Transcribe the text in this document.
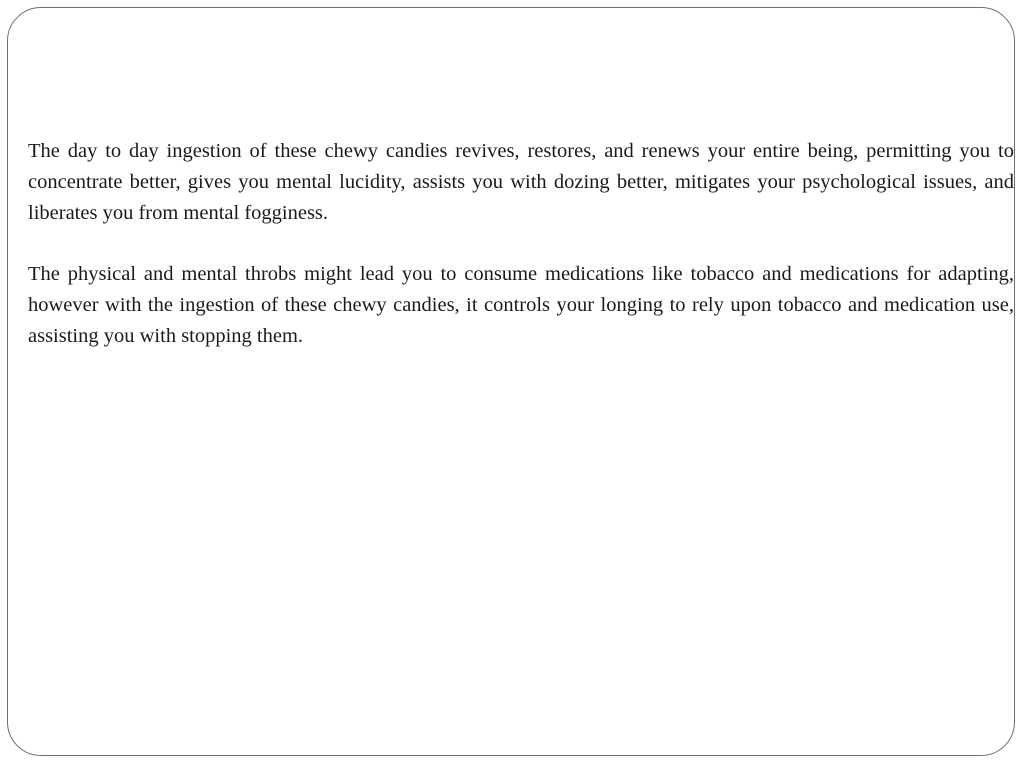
The day to day ingestion of these chewy candies revives, restores, and renews your entire being, permitting you to concentrate better, gives you mental lucidity, assists you with dozing better, mitigates your psychological issues, and liberates you from mental fogginess.

The physical and mental throbs might lead you to consume medications like tobacco and medications for adapting, however with the ingestion of these chewy candies, it controls your longing to rely upon tobacco and medication use, assisting you with stopping them.
